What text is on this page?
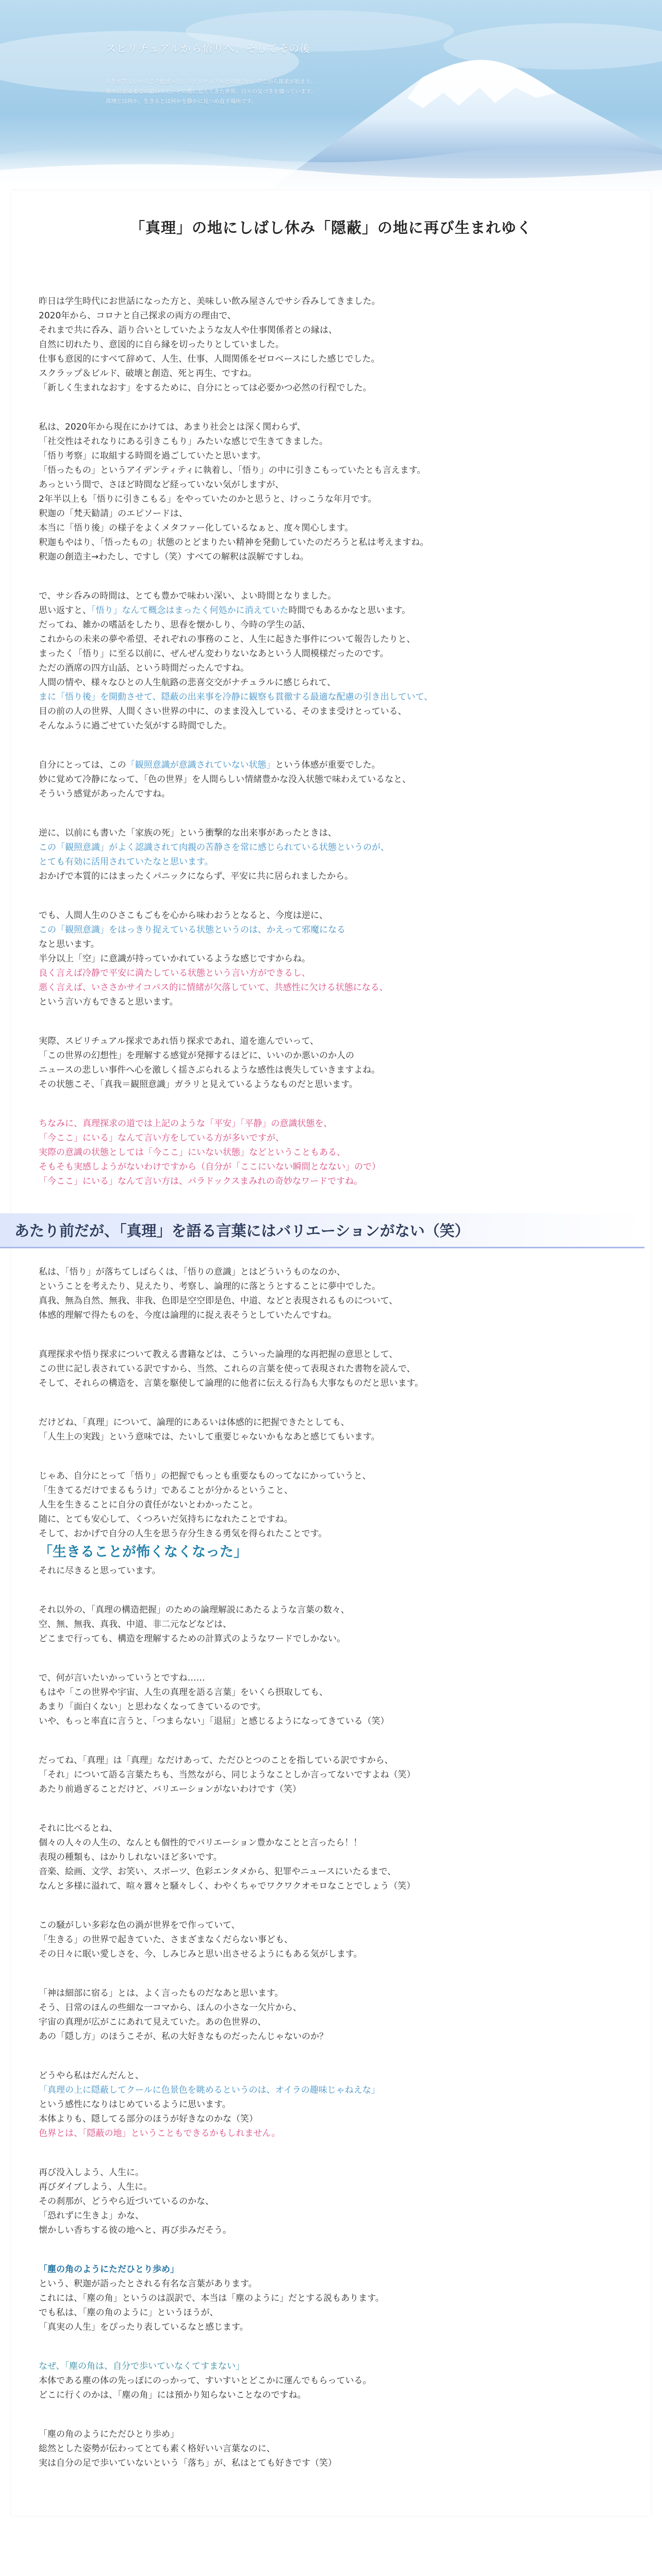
スピリチュアルから悟りへ、そしてその後
人生が苦しいからこそ始まった、スピリチュアルとの出会い。そこから探求が始まり、
悟りに至るまでの道のりと、その後に見えてきた世界。日々の気づきを綴っています。
真理とは何か、生きるとは何かを静かに見つめ直す場所です。
「真理」の地にしばし休み「隠蔽」の地に再び生まれゆく

昨日は学生時代にお世話になった方と、美味しい飲み屋さんでサシ呑みしてきました。
2020年から、コロナと自己探求の両方の理由で、
それまで共に呑み、語り合いとしていたような友人や仕事関係者との縁は、
自然に切れたり、意図的に自ら縁を切ったりとしていました。
仕事も意図的にすべて辞めて、人生、仕事、人間関係をゼロベースにした感じでした。
スクラップ＆ビルド、破壊と創造、死と再生、ですね。
「新しく生まれなおす」をするために、自分にとっては必要かつ必然の行程でした。

私は、2020年から現在にかけては、あまり社会とは深く関わらず、
「社交性はそれなりにある引きこもり」みたいな感じで生きてきました。
「悟り考察」に取組する時間を過ごしていたと思います。
「悟ったもの」というアイデンティティに執着し、「悟り」の中に引きこもっていたとも言えます。
あっという間で、さほど時間など経っていない気がしますが、
2年半以上も「悟りに引きこもる」をやっていたのかと思うと、けっこうな年月です。
釈迦の「梵天勧請」のエピソードは、
本当に「悟り後」の様子をよくメタファー化しているなぁと、度々関心します。
釈迦もやはり、「悟ったもの」状態のとどまりたい精神を発動していたのだろうと私は考えますね。
釈迦の創造主→わたし、ですし（笑）すべての解釈は誤解ですしね。

で、サシ呑みの時間は、とても豊かで味わい深い、よい時間となりました。
思い返すと、「悟り」なんて概念はまったく何処かに消えていた時間でもあるかなと思います。
だってね、雑かの嗜話をしたり、思春を懐かしり、今時の学生の話、
これからの未来の夢や希望、それぞれの事務のこと、人生に起きた事件について報告したりと、
まったく「悟り」に至る以前に、ぜんぜん変わりないなあという人間模様だったのです。
ただの酒席の四方山話、という時間だったんですね。
人間の情や、様々なひとの人生航路の悲喜交交がナチュラルに感じられて、
まに「悟り後」を開動させて、隠蔽の出来事を冷静に観察も貫徹する最適な配慮の引き出していて、
目の前の人の世界、人間くさい世界の中に、のまま没入している、そのまま受けとっている、
そんなふうに過ごせていた気がする時間でした。

自分にとっては、この「観照意識が意識されていない状態」という体感が重要でした。
妙に覚めて冷静になって、「色の世界」を人間らしい情緒豊かな没入状態で味わえているなと、
そういう感覚があったんですね。

逆に、以前にも書いた「家族の死」という衝撃的な出来事があったときは、
この「観照意識」がよく認識されて肉親の苦静さを常に感じられている状態というのが、
とても有効に活用されていたなと思います。
おかげで本質的にはまったくパニックにならず、平安に共に居られましたから。

でも、人間人生のひさこもごもを心から味わおうとなると、今度は逆に、
この「観照意識」をはっきり捉えている状態というのは、かえって邪魔になる
なと思います。
半分以上「空」に意識が持っていかれているような感じですからね。
良く言えば冷静で平安に満たしている状態という言い方ができるし、
悪く言えば、いささかサイコパス的に情緒が欠落していて、共感性に欠ける状態になる、
という言い方もできると思います。

実際、スピリチュアル探求であれ悟り探求であれ、道を進んでいって、
「この世界の幻想性」を理解する感覚が発揮するほどに、いいのか悪いのか人の
ニュースの悲しい事件へ心を激しく揺さぶられるような感性は喪失していきますよね。
その状態こそ、「真我＝観照意識」ガラリと見えているようなものだと思います。

ちなみに、真理探求の道では上記のような「平安」「平静」の意識状態を、
「今ここ」にいる」なんて言い方をしている方が多いですが、
実際の意識の状態としては「今ここ」にいない状態」などということもある、
そもそも実感しようがないわけですから（自分が「ここにいない瞬間となない」ので）
「今ここ」にいる」なんて言い方は、パラドックスまみれの奇妙なワードですね。

あたり前だが、「真理」を語る言葉にはバリエーションがない（笑）

私は、「悟り」が落ちてしばらくは、「悟りの意識」とはどういうものなのか、
ということを考えたり、見えたり、考察し、論理的に落とうとすることに夢中でした。
真我、無為自然、無我、非我、色即是空空即是色、中道、などと表現されるものについて、
体感的理解で得たものを、今度は論理的に捉え表そうとしていたんですね。

真理探求や悟り探求について教える書籍などは、こういった論理的な再把握の意思として、
この世に記し表されている訳ですから、当然、これらの言葉を使って表現された書物を読んで、
そして、それらの構造を、言葉を駆使して論理的に他者に伝える行為も大事なものだと思います。

だけどね、「真理」について、論理的にあるいは体感的に把握できたとしても、
「人生上の実践」という意味では、たいして重要じゃないかもなあと感じてもいます。

じゃあ、自分にとって「悟り」の把握でもっとも重要なものってなにかっていうと、
「生きてるだけでまるもうけ」であることが分かるということ、
人生を生きることに自分の責任がないとわかったこと。
随に、とても安心して、くつろいだ気持ちになれたことですね。
そして、おかげで自分の人生を思う存分生きる勇気を得られたことです。
「生きることが怖くなくなった」
それに尽きると思っています。

それ以外の、「真理の構造把握」のための論理解説にあたるような言葉の数々、
空、無、無我、真我、中道、非二元などなどは、
どこまで行っても、構造を理解するための計算式のようなワードでしかない。

で、何が言いたいかっていうとですね……
もはや「この世界や宇宙、人生の真理を語る言葉」をいくら摂取しても、
あまり「面白くない」と思わなくなってきているのです。
いや、もっと率直に言うと、「つまらない」「退屈」と感じるようになってきている（笑）

だってね、「真理」は「真理」なだけあって、ただひとつのことを指している訳ですから、
「それ」について語る言葉たちも、当然ながら、同じようなことしか言ってないですよね（笑）
あたり前過ぎることだけど、バリエーションがないわけです（笑）

それに比べるとね、
個々の人々の人生の、なんとも個性的でバリエーション豊かなことと言ったら！！
表現の種類も、はかりしれないほど多いです。
音楽、絵画、文学、お笑い、スポーツ、色彩エンタメから、犯罪やニュースにいたるまで、
なんと多様に溢れて、喧々囂々と騒々しく、わやくちゃでワクワクオモロなことでしょう（笑）

この騒がしい多彩な色の渦が世界をで作っていて、
「生きる」の世界で起きていた、さまざまなくだらない事ども、
その日々に眠い愛しさを、今、しみじみと思い出させるようにもある気がします。

「神は細部に宿る」とは、よく言ったものだなあと思います。
そう、日常のほんの些細な一コマから、ほんの小さな一欠片から、
宇宙の真理が広がこにあれて見えていた。あの色世界の、
あの「隠し方」のほうこそが、私の大好きなものだったんじゃないのか？

どうやら私はだんだんと、
「真理の上に隠蔽してクールに色景色を眺めるというのは、オイラの趣味じゃねえな」
という感性になりはじめているように思います。
本体よりも、隠してる部分のほうが好きなのかな（笑）
色界とは、「隠蔽の地」ということもできるかもしれません。

再び没入しよう、人生に。
再びダイブしよう、人生に。
その刹那が、どうやら近づいているのかな、
「恐れずに生きよ」かな、
懐かしい香ちする彼の地へと、再び歩みだそう。

「塵の角のようにただひとり歩め」
という、釈迦が語ったとされる有名な言葉があります。
これには、「塵の角」というのは誤訳で、本当は「塵のように」だとする説もあります。
でも私は、「塵の角のように」というほうが、
「真実の人生」をぴったり表しているなと感じます。

なぜ、「塵の角は、自分で歩いていなくてすまない」
本体である塵の体の先っぽにのっかって、すいすいとどこかに運んでもらっている。
どこに行くのかは、「塵の角」には預かり知らないことなのですね。

「塵の角のようにただひとり歩め」
総然とした姿勢が伝わってとても素く格好いい言葉なのに、
実は自分の足で歩いていないという「落ち」が、私はとても好きです（笑）
